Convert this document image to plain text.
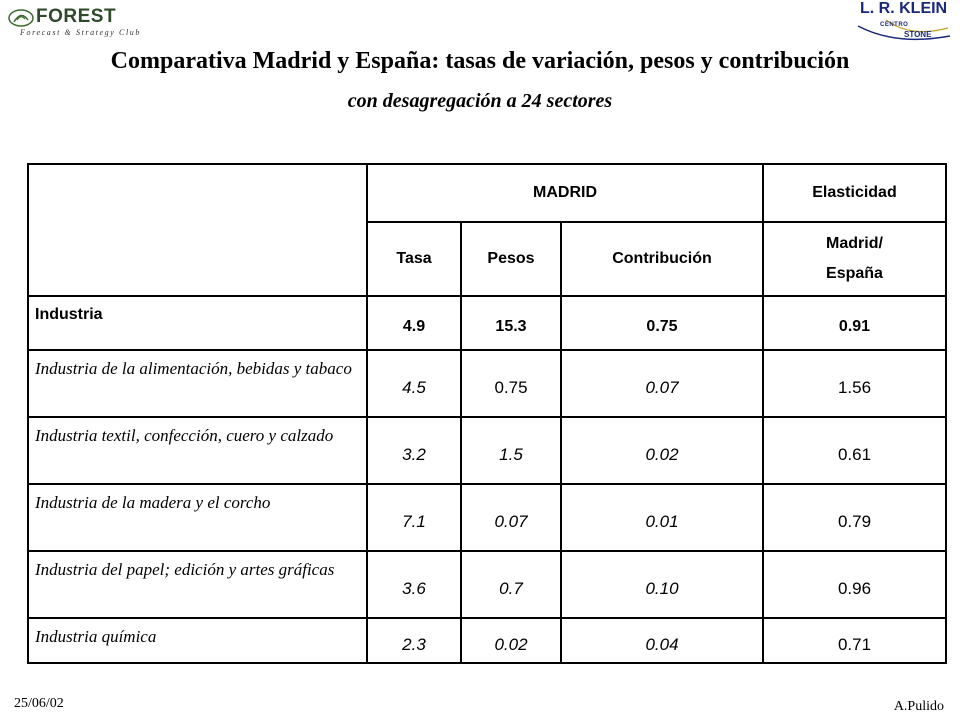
FOREST
Forecast & Strategy Club
L. R. KLEIN
CENTRO
STONE
Comparativa Madrid y España: tasas de variación, pesos y contribución
con desagregación a 24 sectores
	MADRID			Elasticidad
	Tasa	Pesos	Contribución	Madrid/
España
Industria	4.9	15.3	0.75	0.91
Industria de la alimentación, bebidas y tabaco	4.5	0.75	0.07	1.56
Industria textil, confección, cuero y calzado	3.2	1.5	0.02	0.61
Industria de la madera y el corcho	7.1	0.07	0.01	0.79
Industria del papel; edición y artes gráficas	3.6	0.7	0.10	0.96
Industria química	2.3	0.02	0.04	0.71
25/06/02	A.Pulido
